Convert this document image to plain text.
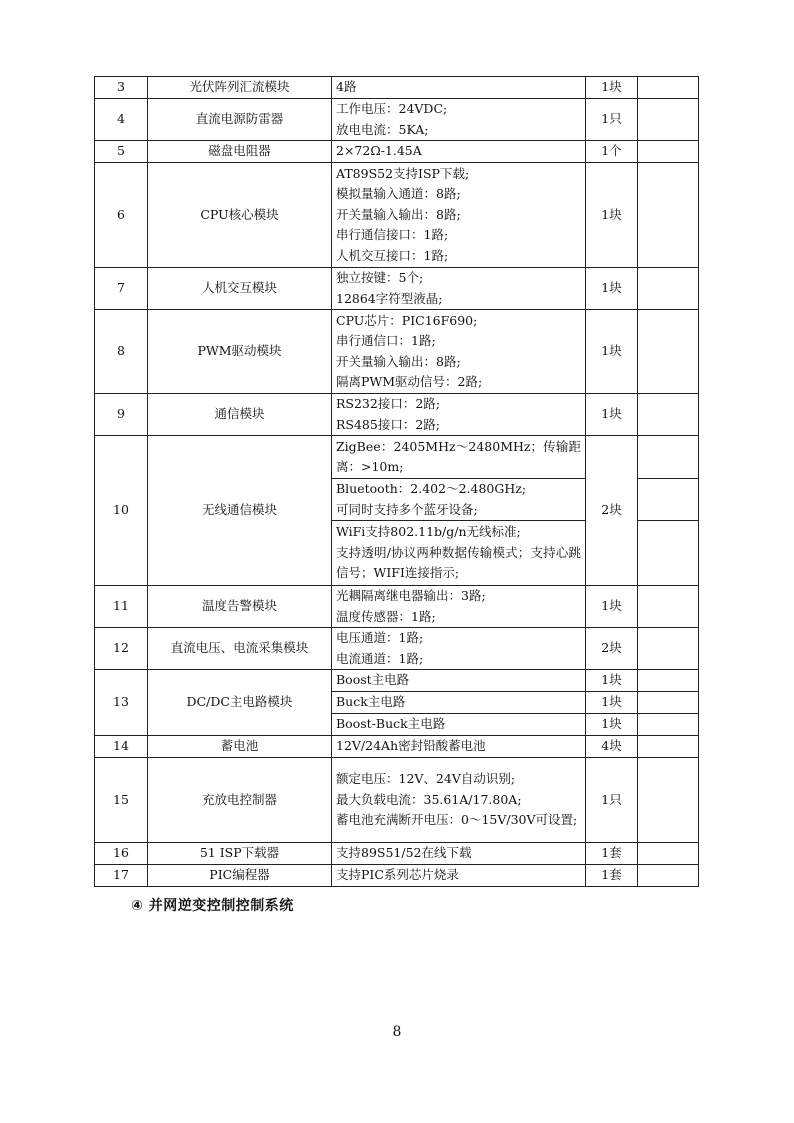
3	光伏阵列汇流模块	4路	1块	
4	直流电源防雷器	工作电压：24VDC;
放电电流：5KA;	1只	
5	磁盘电阻器	2×72Ω-1.45A	1个	
6	CPU核心模块	AT89S52支持ISP下载;
模拟量输入通道：8路;
开关量输入输出：8路;
串行通信接口：1路;
人机交互接口：1路;	1块	
7	人机交互模块	独立按键：5个;
12864字符型液晶;	1块	
8	PWM驱动模块	CPU芯片：PIC16F690;
串行通信口：1路;
开关量输入输出：8路;
隔离PWM驱动信号：2路;	1块	
9	通信模块	RS232接口：2路;
RS485接口：2路;	1块	
10	无线通信模块	ZigBee：2405MHz～2480MHz；传输距离：>10m;	2块	

		Bluetooth：2.402～2.480GHz;
可同时支持多个蓝牙设备;		

		WiFi支持802.11b/g/n无线标准;
支持透明/协议两种数据传输模式；支持心跳信号；WIFI连接指示;		

11	温度告警模块	光耦隔离继电器输出：3路;
温度传感器：1路;	1块	
12	直流电压、电流采集模块	电压通道：1路;
电流通道：1路;	2块	
13	DC/DC主电路模块	Boost主电路	1块	

		Buck主电路	1块	

		Boost-Buck主电路	1块	
14	蓄电池	12V/24Ah密封铅酸蓄电池	4块	
15	充放电控制器	额定电压：12V、24V自动识别;
最大负载电流：35.61A/17.80A;
蓄电池充满断开电压：0～15V/30V可设置;	1只	
16	51 ISP下载器	支持89S51/52在线下载	1套	
17	PIC编程器	支持PIC系列芯片烧录	1套	
④ 并网逆变控制控制系统
8
